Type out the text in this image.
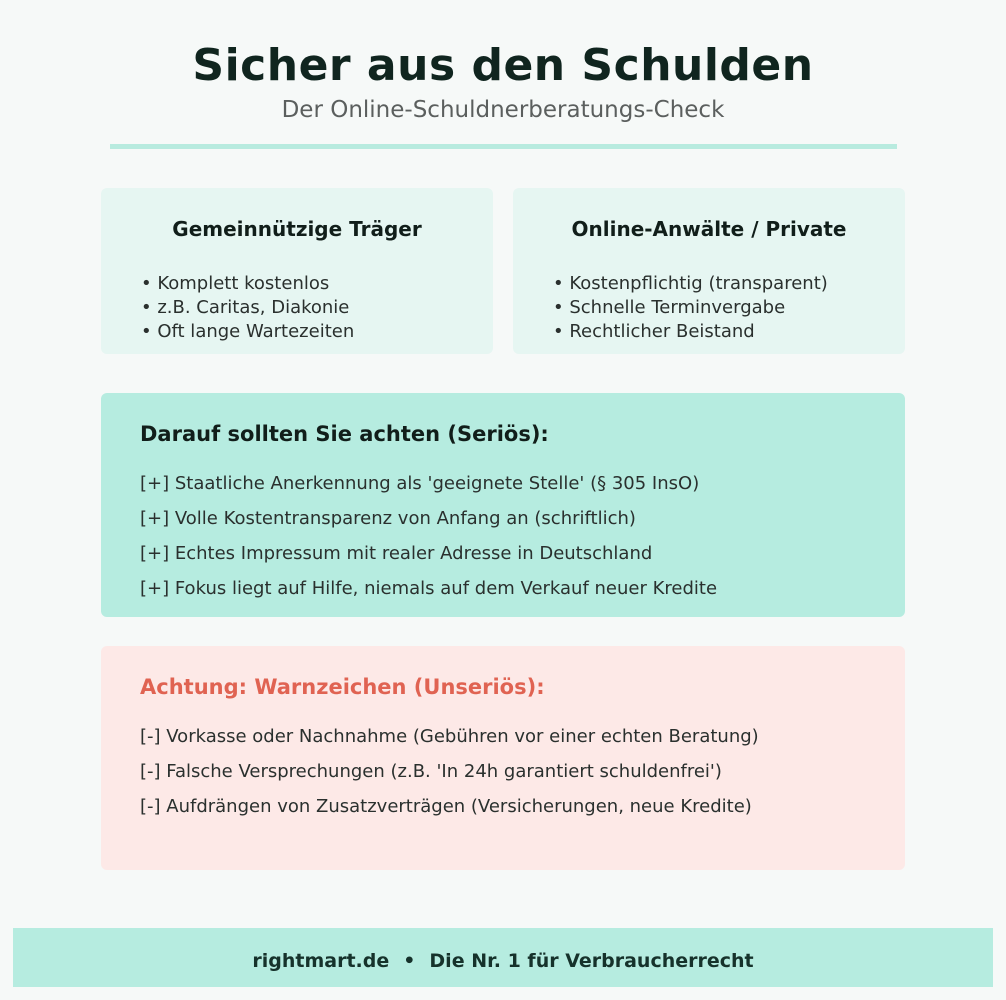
Sicher aus den Schulden
Der Online-Schuldnerberatungs-Check
Gemeinnützige Träger
• Komplett kostenlos
• z.B. Caritas, Diakonie
• Oft lange Wartezeiten
Online-Anwälte / Private
• Kostenpflichtig (transparent)
• Schnelle Terminvergabe
• Rechtlicher Beistand
Darauf sollten Sie achten (Seriös):
[+] Staatliche Anerkennung als 'geeignete Stelle' (§ 305 InsO)
[+] Volle Kostentransparenz von Anfang an (schriftlich)
[+] Echtes Impressum mit realer Adresse in Deutschland
[+] Fokus liegt auf Hilfe, niemals auf dem Verkauf neuer Kredite
Achtung: Warnzeichen (Unseriös):
[-] Vorkasse oder Nachnahme (Gebühren vor einer echten Beratung)
[-] Falsche Versprechungen (z.B. 'In 24h garantiert schuldenfrei')
[-] Aufdrängen von Zusatzverträgen (Versicherungen, neue Kredite)
rightmart.de • Die Nr. 1 für Verbraucherrecht
